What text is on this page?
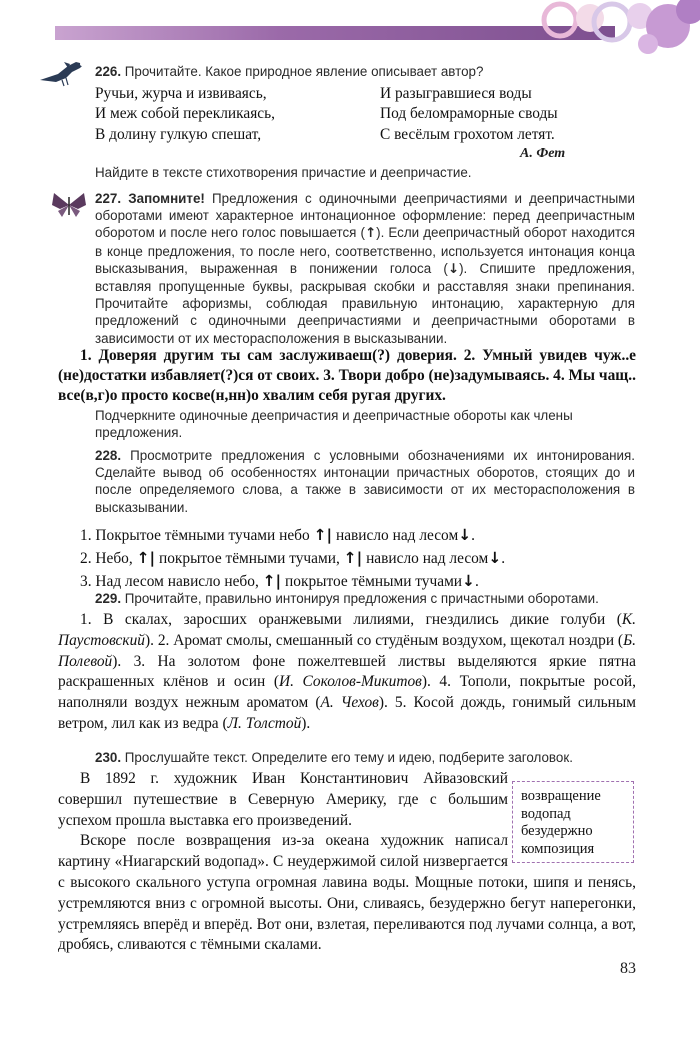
226. Прочитайте. Какое природное явление описывает автор?
Ручьи, журча и извиваясь,
И меж собой перекликаясь,
В долину гулкую спешат,
И разыгравшиеся воды
Под беломраморные своды
С весёлым грохотом летят.
А. Фет
Найдите в тексте стихотворения причастие и деепричастие.
227. Запомните! Предложения с одиночными деепричастиями и деепричастными оборотами имеют характерное интонационное оформление: перед деепричастным оборотом и после него голос повышается (↑). Если деепричастный оборот находится в конце предложения, то после него, соответственно, используется интонация конца высказывания, выраженная в понижении голоса (↓). Спишите предложения, вставляя пропущенные буквы, раскрывая скобки и расставляя знаки препинания. Прочитайте афоризмы, соблюдая правильную интонацию, характерную для предложений с одиночными деепричастиями и деепричастными оборотами в зависимости от их месторасположения в высказывании.
1. Доверяя другим ты сам заслуживаеш(?) доверия. 2. Умный увидев чуж..е (не)достатки избавляет(?)ся от своих. 3. Твори добро (не)задумываясь. 4. Мы чащ.. все(в,г)о просто косве(н,нн)о хвалим себя ругая других.
Подчеркните одиночные деепричастия и деепричастные обороты как члены предложения.
228. Просмотрите предложения с условными обозначениями их интонирования. Сделайте вывод об особенностях интонации причастных оборотов, стоящих до и после определяемого слова, а также в зависимости от их месторасположения в высказывании.
1. Покрытое тёмными тучами небо ↑| нависло над лесом↓.
2. Небо, ↑| покрытое тёмными тучами, ↑| нависло над лесом↓.
3. Над лесом нависло небо, ↑| покрытое тёмными тучами↓.
229. Прочитайте, правильно интонируя предложения с причастными оборотами.
1. В скалах, заросших оранжевыми лилиями, гнездились дикие голуби (К. Паустовский). 2. Аромат смолы, смешанный со студёным воздухом, щекотал ноздри (Б. Полевой). 3. На золотом фоне пожелтевшей листвы выделяются яркие пятна раскрашенных клёнов и осин (И. Соколов-Микитов). 4. Тополи, покрытые росой, наполняли воздух нежным ароматом (А. Чехов). 5. Косой дождь, гонимый сильным ветром, лил как из ведра (Л. Толстой).
230. Прослушайте текст. Определите его тему и идею, подберите заголовок.

В 1892 г. художник Иван Константинович Айвазовский совершил путешествие в Северную Америку, где с большим успехом прошла выставка его произведений.

Вскоре после возвращения из-за океана художник написал картину «Ниагарский водопад». С неудержимой силой низвергается с высокого скального уступа огромная лавина воды. Мощные потоки, шипя и пенясь, устремляются вниз с огромной высоты. Они, сливаясь, безудержно бегут наперегонки, устремляясь вперёд и вперёд. Вот они, взлетая, переливаются под лучами солнца, а вот, дробясь, сливаются с тёмными скалами.

возвращение
водопад
безудержно
композиция
83
